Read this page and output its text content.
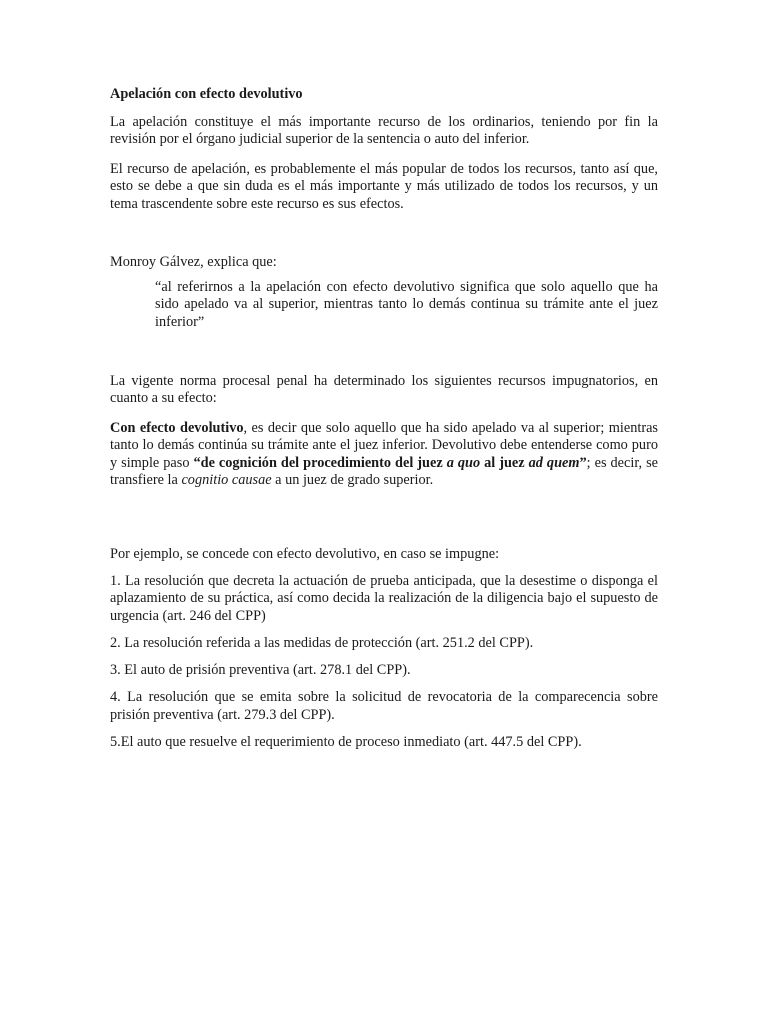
Apelación con efecto devolutivo

La apelación constituye el más importante recurso de los ordinarios, teniendo por fin la revisión por el órgano judicial superior de la sentencia o auto del inferior.

El recurso de apelación, es probablemente el más popular de todos los recursos, tanto así que, esto se debe a que sin duda es el más importante y más utilizado de todos los recursos, y un tema trascendente sobre este recurso es sus efectos.

Monroy Gálvez, explica que:

“al referirnos a la apelación con efecto devolutivo significa que solo aquello que ha sido apelado va al superior, mientras tanto lo demás continua su trámite ante el juez inferior”

La vigente norma procesal penal ha determinado los siguientes recursos impugnatorios, en cuanto a su efecto:

Con efecto devolutivo, es decir que solo aquello que ha sido apelado va al superior; mientras tanto lo demás continúa su trámite ante el juez inferior. Devolutivo debe entenderse como puro y simple paso “de cognición del procedimiento del juez a quo al juez ad quem”; es decir, se transfiere la cognitio causae a un juez de grado superior.

Por ejemplo, se concede con efecto devolutivo, en caso se impugne:

1. La resolución que decreta la actuación de prueba anticipada, que la desestime o disponga el aplazamiento de su práctica, así como decida la realización de la diligencia bajo el supuesto de urgencia (art. 246 del CPP)
2. La resolución referida a las medidas de protección (art. 251.2 del CPP).
3. El auto de prisión preventiva (art. 278.1 del CPP).
4. La resolución que se emita sobre la solicitud de revocatoria de la comparecencia sobre prisión preventiva (art. 279.3 del CPP).
5.El auto que resuelve el requerimiento de proceso inmediato (art. 447.5 del CPP).
